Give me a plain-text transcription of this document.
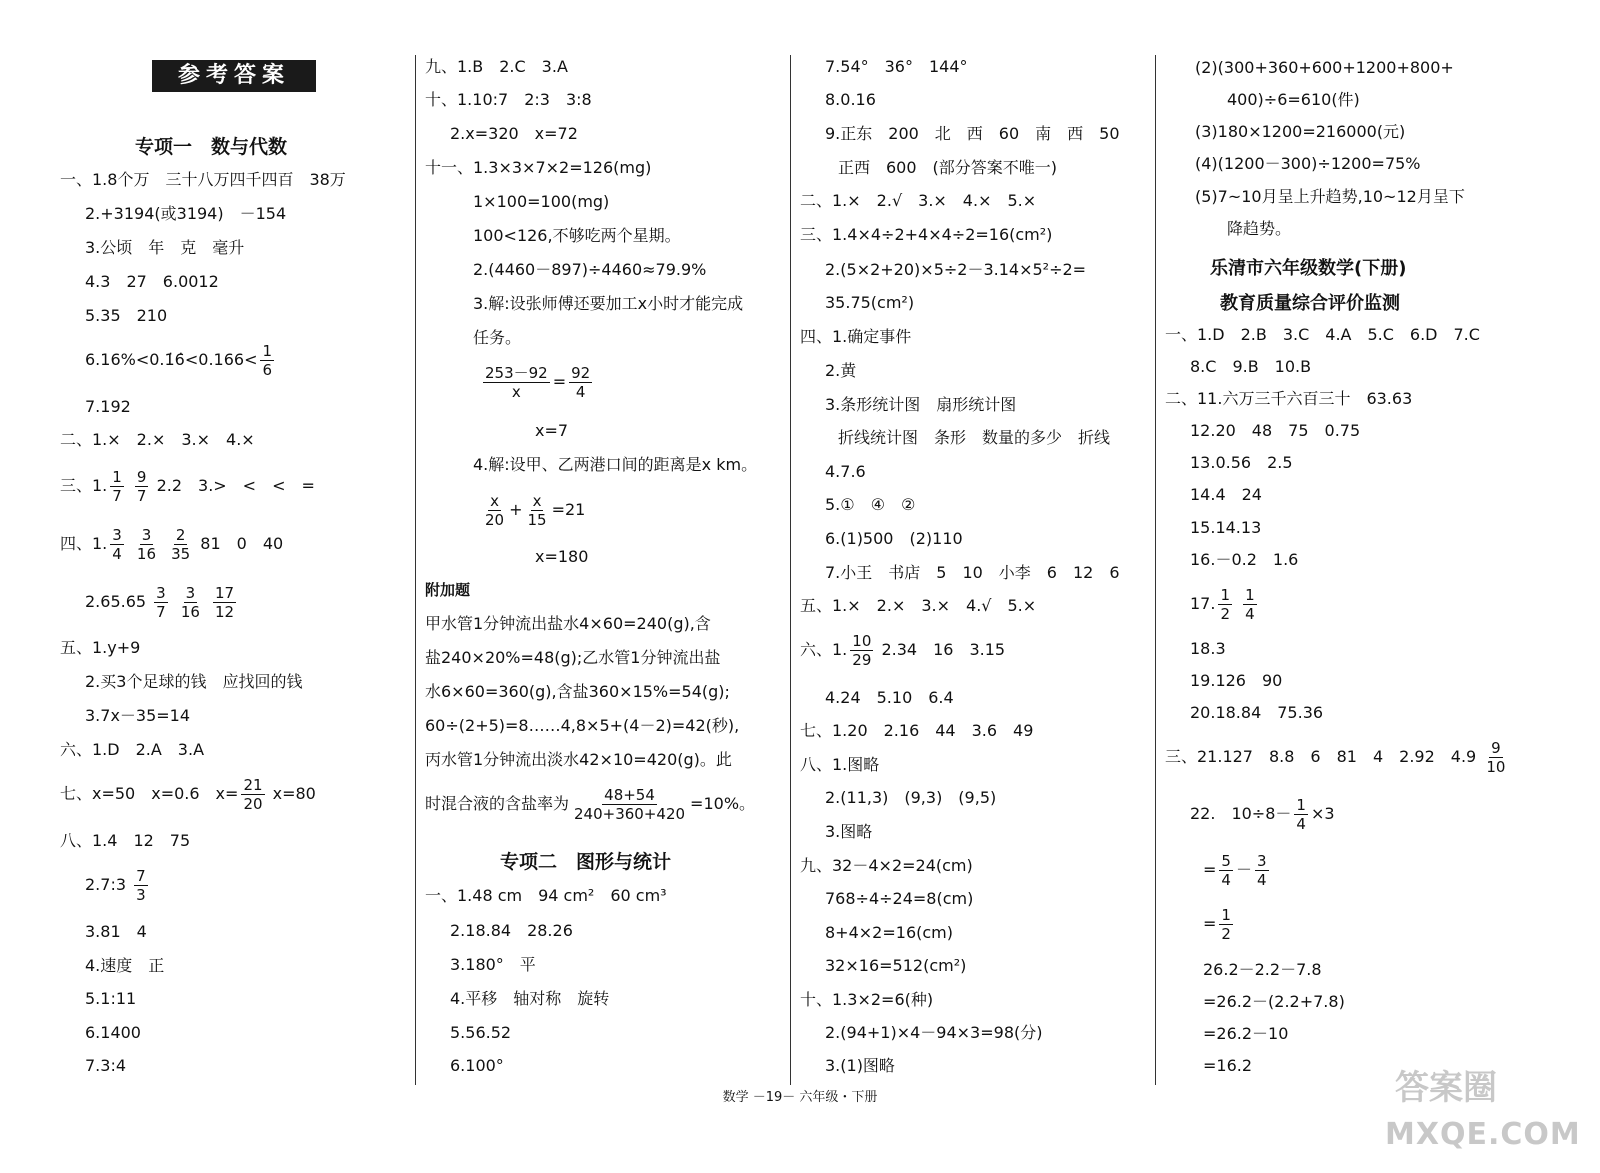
参考答案
专项一　数与代数
一、1.8个万　三十八万四千四百　38万
2.+3194(或3194)　－154
3.公顷　年　克　毫升
4.3　27　6.0012
5.35　210
6.16%<0.1̇6̇<0.166< $\frac{1}{6}$
7.192
二、1.×　2.×　3.×　4.×
三、1. $\frac{1}{7}$
$\frac{9}{7} 2.2$　3.>　<　<　=
四、1. $\frac{3}{4}$
$\frac{3}{16}$
$\frac{2}{35} 81$　0　40
$2.65.65 \frac{3}{7}$
$\frac{3}{16}$
$\frac{17}{12}$
五、1.y+9
2.买3个足球的钱　应找回的钱
3.7x－35=14
六、1.D　2.A　3.A
七、x=50　x=0.6　$x= \frac{21}{20} x=80$
八、1.4　12　75
2.7:3 $\frac{7}{3}$
3.81　4
4.速度　正
5.1:11
6.1400
7.3:4
九、1.B　2.C　3.A
十、1.10:7　2:3　3:8
2.x=320　x=72
十一、1.3×3×7×2=126(mg)
1×100=100(mg)
100<126,不够吃两个星期。
2.(4460－897)÷4460≈79.9%
3.解:设张师傅还要加工x小时才能完成
任务。
$\frac{253-92}{x} = \frac{92}{4}$
x=7
4.解:设甲、乙两港口间的距离是x km。
$\frac{x}{20} + \frac{x}{15} =21$
x=180
附加题
甲水管1分钟流出盐水4×60=240(g),含
盐240×20%=48(g);乙水管1分钟流出盐
水6×60=360(g),含盐360×15%=54(g);
60÷(2+5)=8……4,8×5+(4－2)=42(秒),
丙水管1分钟流出淡水42×10=420(g)。此
时混合液的含盐率为 $\frac{48+54}{240+360+420} =10\%$。
专项二　图形与统计
一、1.48 cm　94 cm²　60 cm³
2.18.84　28.26
3.180°　平
4.平移　轴对称　旋转
5.56.52
6.100°
7.54°　36°　144°
8.0.16
9.正东　200　北　西　60　南　西　50
正西　600　(部分答案不唯一)
二、1.×　2.√　3.×　4.×　5.×
三、1.4×4÷2+4×4÷2=16(cm²)
2.(5×2+20)×5÷2－3.14×5²÷2=
35.75(cm²)
四、1.确定事件
2.黄
3.条形统计图　扇形统计图
折线统计图　条形　数量的多少　折线
4.7.6
5.①　④　②
6.(1)500　(2)110
7.小王　书店　5　10　小李　6　12　6
五、1.×　2.×　3.×　4.√　5.×
六、1. $\frac{10}{29} 2.34$　16　3.15
4.24　5.10　6.4
七、1.20　2.16　44　3.6　49
八、1.图略
2.(11,3)　(9,3)　(9,5)
3.图略
九、32－4×2=24(cm)
768÷4÷24=8(cm)
8+4×2=16(cm)
32×16=512(cm²)
十、1.3×2=6(种)
2.(94+1)×4－94×3=98(分)
3.(1)图略
(2)(300+360+600+1200+800+
400)÷6=610(件)
(3)180×1200=216000(元)
(4)(1200－300)÷1200=75%
(5)7~10月呈上升趋势,10~12月呈下
降趋势。
乐清市六年级数学(下册)
教育质量综合评价监测
一、1.D　2.B　3.C　4.A　5.C　6.D　7.C
8.C　9.B　10.B
二、11.六万三千六百三十　63.63
12.20　48　75　0.75
13.0.56　2.5
14.4　24
15.14.13
16.－0.2　1.6
17. $\frac{1}{2}$
$\frac{1}{4}$
18.3
19.126　90
20.18.84　75.36
三、21.127　8.8　6　81　4　2.92　$4.9 \frac{9}{10}$
22.　$10\div 8- \frac{1}{4} \times 3$
= $\frac{5}{4} - \frac{3}{4}$
= $\frac{1}{2}$
26.2－2.2－7.8
=26.2－(2.2+7.8)
=26.2－10
=16.2
数学 －19－ 六年级・下册	答案圈
MXQE.COM
